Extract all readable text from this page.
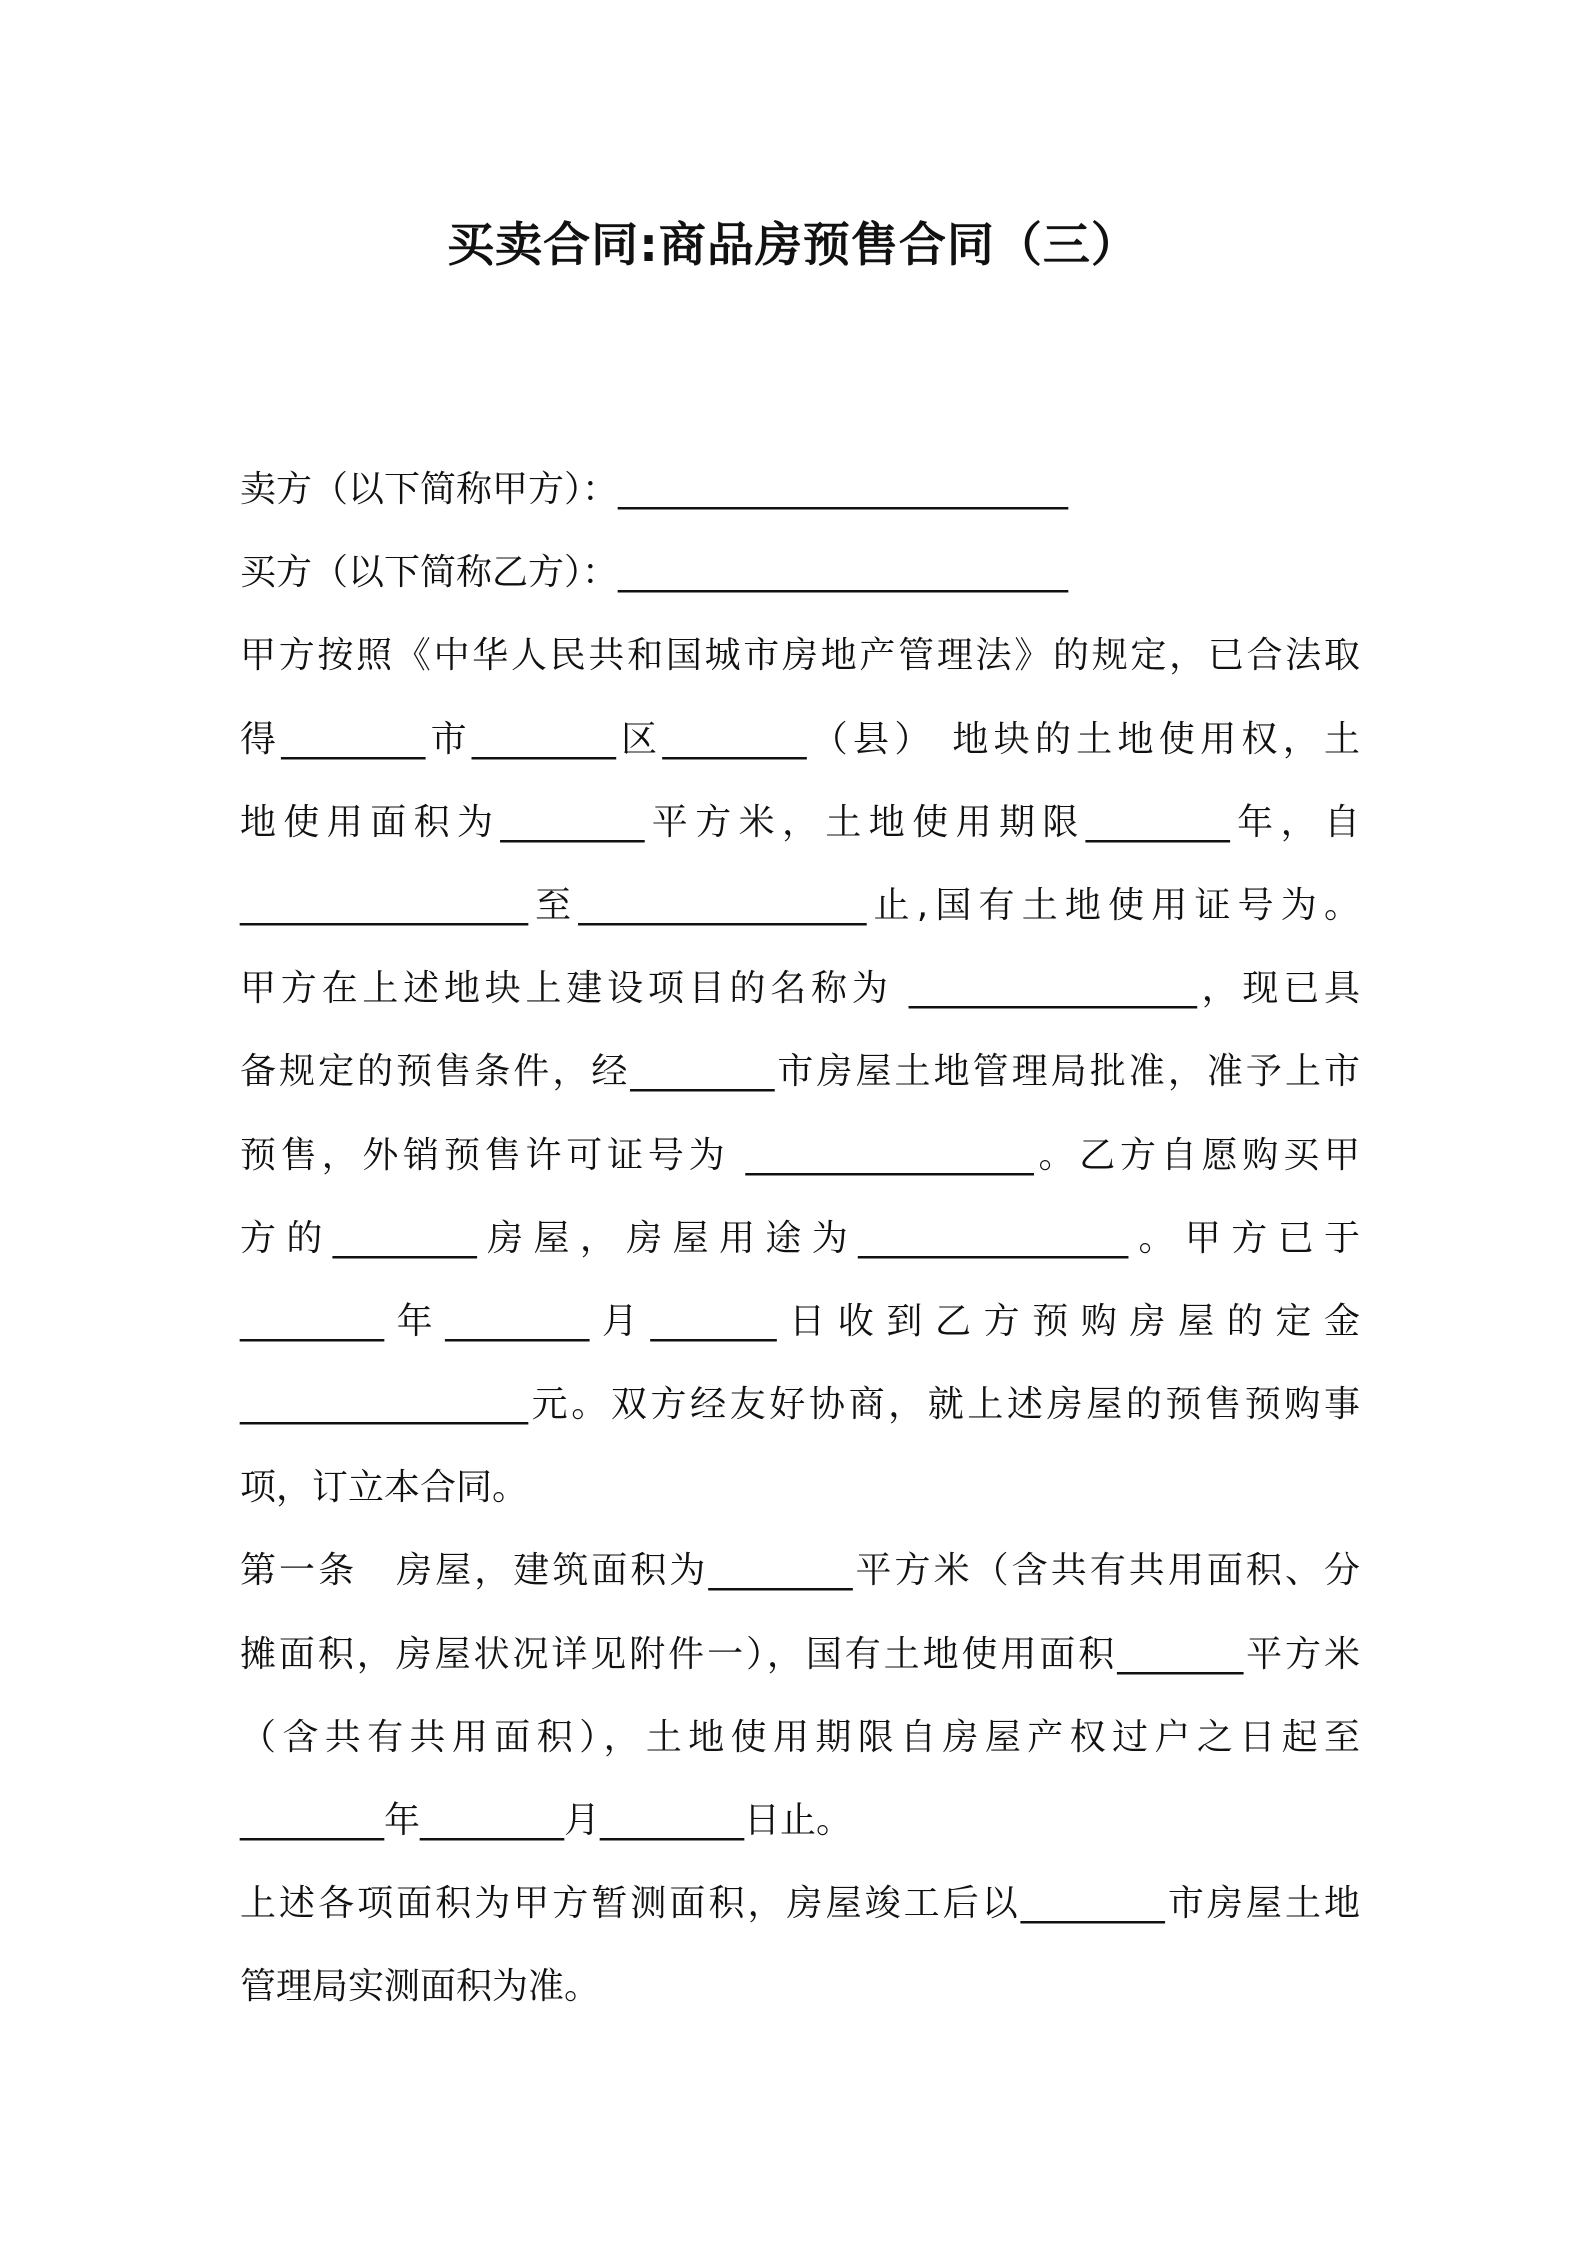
买卖合同:商品房预售合同（三）
卖方（以下简称甲方）：_________________________
买方（以下简称乙方）：_________________________
甲方按照《中华人民共和国城市房地产管理法》的规定，已合法取
得________市________区________（县） 地块的土地使用权，土
地使用面积为________平方米，土地使用期限________年，自
________________至________________止,国有土地使用证号为。
甲方在上述地块上建设项目的名称为 ________________，现已具
备规定的预售条件，经________市房屋土地管理局批准，准予上市
预售，外销预售许可证号为 ________________。乙方自愿购买甲
方的________房屋，房屋用途为_______________。甲方已于
________年________月_______日收到乙方预购房屋的定金
________________元。双方经友好协商，就上述房屋的预售预购事
项，订立本合同。
第一条　房屋，建筑面积为________平方米（含共有共用面积、分
摊面积，房屋状况详见附件一），国有土地使用面积_______平方米
（含共有共用面积），土地使用期限自房屋产权过户之日起至
________年________月________日止。
上述各项面积为甲方暂测面积，房屋竣工后以________市房屋土地
管理局实测面积为准。
